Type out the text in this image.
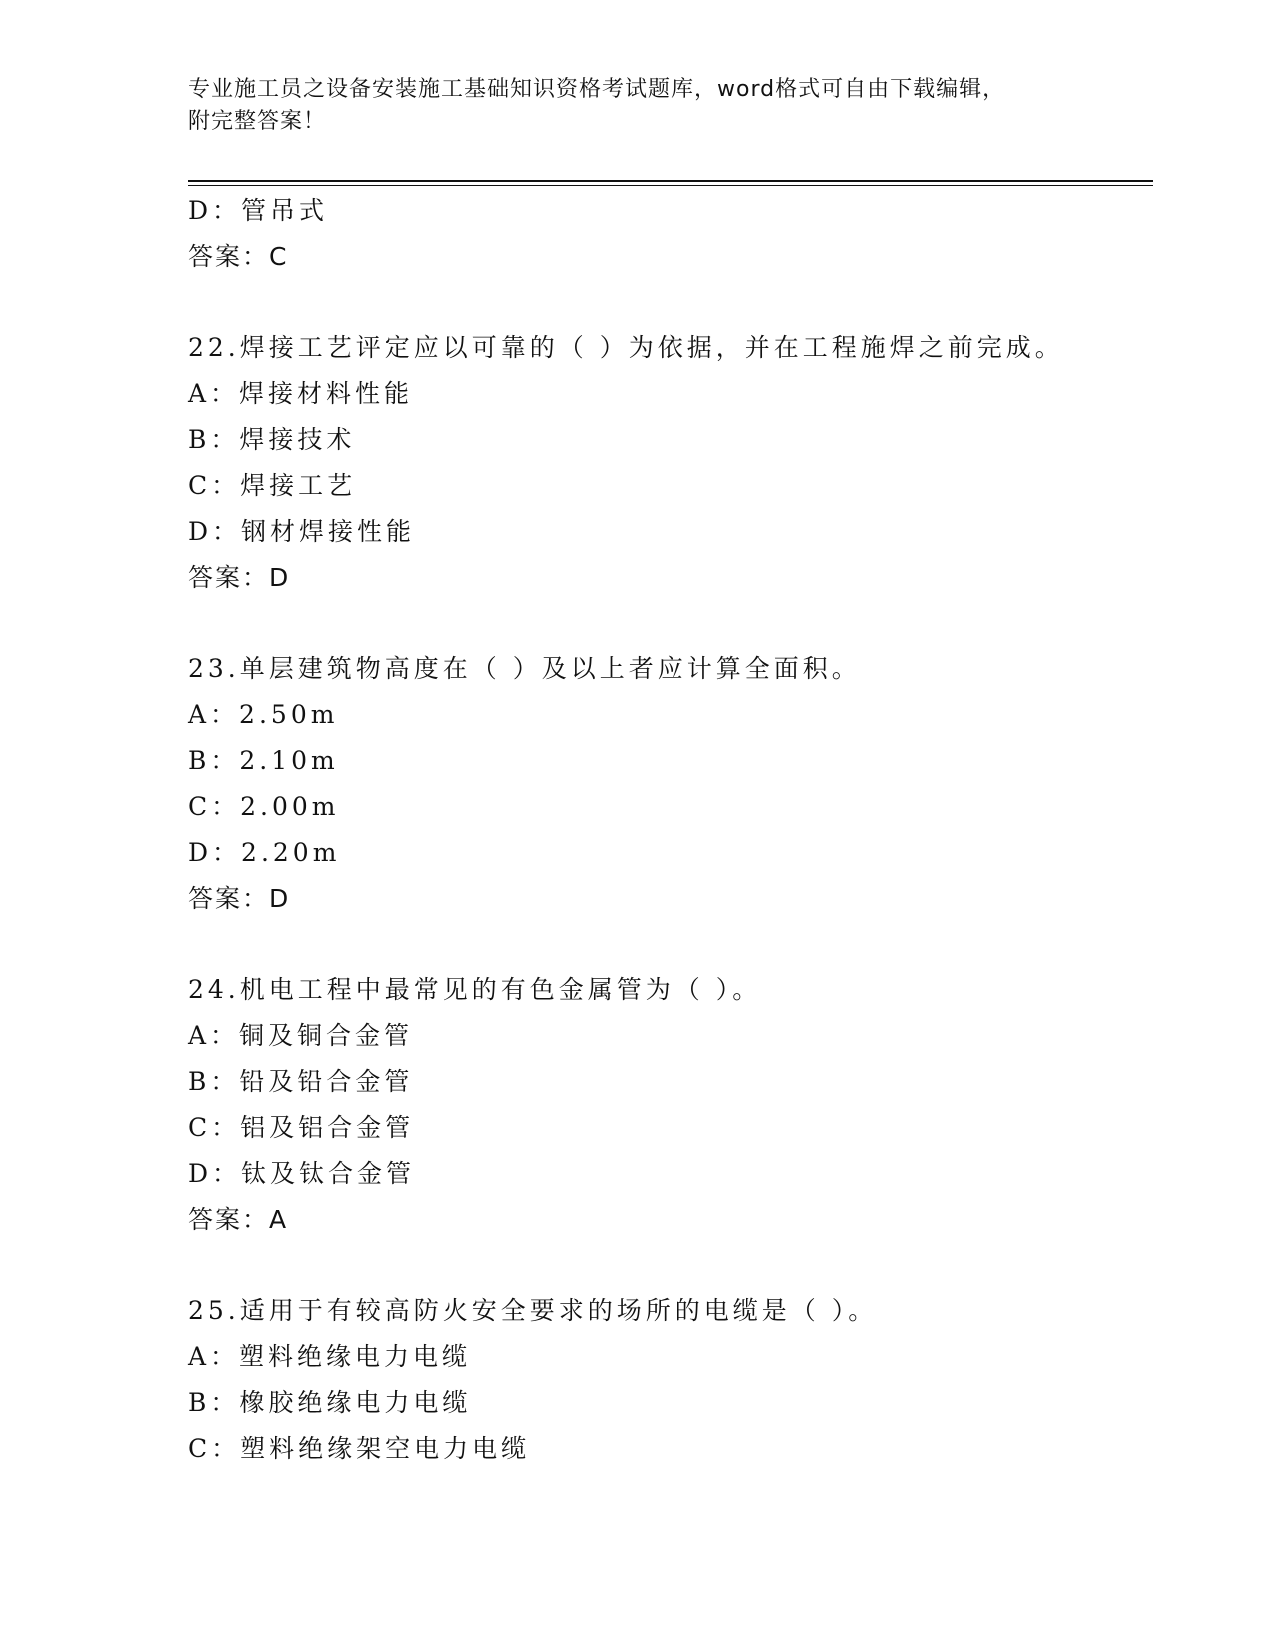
专业施工员之设备安装施工基础知识资格考试题库，word格式可自由下载编辑，
附完整答案！
D：管吊式
答案：C
22.焊接工艺评定应以可靠的（ ）为依据，并在工程施焊之前完成。
A：焊接材料性能
B：焊接技术
C：焊接工艺
D：钢材焊接性能
答案：D
23.单层建筑物高度在（ ）及以上者应计算全面积。
A：2.50m
B：2.10m
C：2.00m
D：2.20m
答案：D
24.机电工程中最常见的有色金属管为（ ）。
A：铜及铜合金管
B：铅及铅合金管
C：铝及铝合金管
D：钛及钛合金管
答案：A
25.适用于有较高防火安全要求的场所的电缆是（ ）。
A：塑料绝缘电力电缆
B：橡胶绝缘电力电缆
C：塑料绝缘架空电力电缆
